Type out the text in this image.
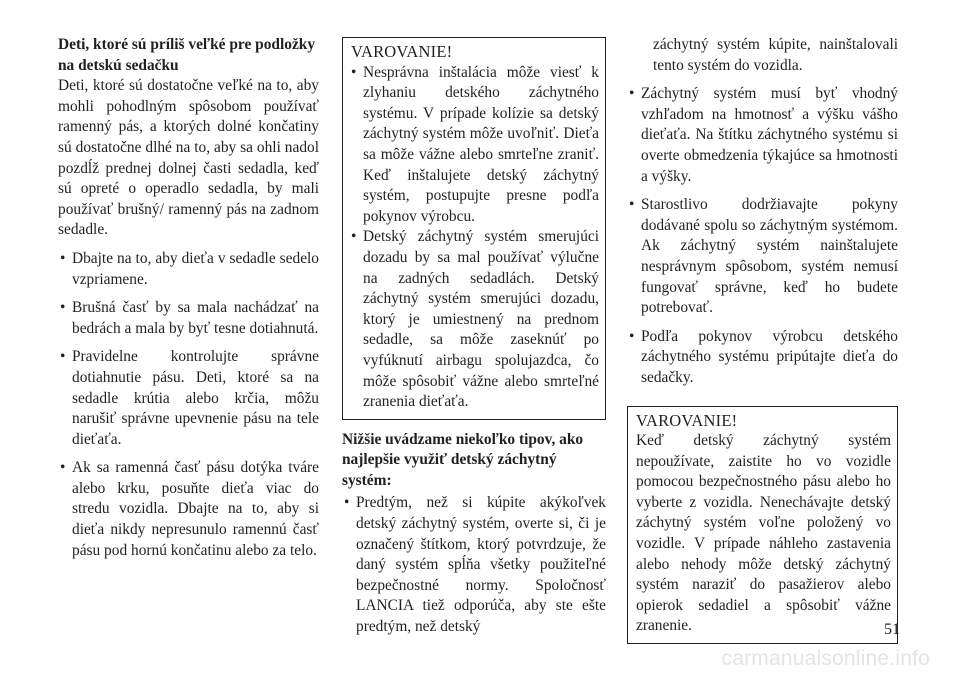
Deti, ktoré sú príliš veľké pre podložky na detskú sedačku

Deti, ktoré sú dostatočne veľké na to, aby mohli pohodlným spôsobom používať ramenný pás, a ktorých dolné končatiny sú dostatočne dlhé na to, aby sa ohli nadol pozdĺž prednej dolnej časti sedadla, keď sú opreté o operadlo sedadla, by mali používať brušný/ ramenný pás na zadnom sedadle.

• Dbajte na to, aby dieťa v sedadle sedelo vzpriamene.
• Brušná časť by sa mala nachádzať na bedrách a mala by byť tesne dotiahnutá.
• Pravidelne kontrolujte správne dotiahnutie pásu. Deti, ktoré sa na sedadle krútia alebo krčia, môžu narušiť správne upevnenie pásu na tele dieťaťa.
• Ak sa ramenná časť pásu dotýka tváre alebo krku, posuňte dieťa viac do stredu vozidla. Dbajte na to, aby si dieťa nikdy nepresunulo ramennú časť pásu pod hornú končatinu alebo za telo.
VAROVANIE!
• Nesprávna inštalácia môže viesť k zlyhaniu detského záchytného systému. V prípade kolízie sa detský záchytný systém môže uvoľniť. Dieťa sa môže vážne alebo smrteľne zraniť. Keď inštalujete detský záchytný systém, postupujte presne podľa pokynov výrobcu.
• Detský záchytný systém smerujúci dozadu by sa mal používať výlučne na zadných sedadlách. Detský záchytný systém smerujúci dozadu, ktorý je umiestnený na prednom sedadle, sa môže zaseknúť po vyfúknutí airbagu spolujazdca, čo môže spôsobiť vážne alebo smrteľné zranenia dieťaťa.

Nižšie uvádzame niekoľko tipov, ako najlepšie využiť detský záchytný systém:

• Predtým, než si kúpite akýkoľvek detský záchytný systém, overte si, či je označený štítkom, ktorý potvrdzuje, že daný systém spĺňa všetky použiteľné bezpečnostné normy. Spoločnosť LANCIA tiež odporúča, aby ste ešte predtým, než detský
záchytný systém kúpite, nainštalovali tento systém do vozidla.
• Záchytný systém musí byť vhodný vzhľadom na hmotnosť a výšku vášho dieťaťa. Na štítku záchytného systému si overte obmedzenia týkajúce sa hmotnosti a výšky.
• Starostlivo dodržiavajte pokyny dodávané spolu so záchytným systémom. Ak záchytný systém nainštalujete nesprávnym spôsobom, systém nemusí fungovať správne, keď ho budete potrebovať.
• Podľa pokynov výrobcu detského záchytného systému pripútajte dieťa do sedačky.
VAROVANIE!

Keď detský záchytný systém nepoužívate, zaistite ho vo vozidle pomocou bezpečnostného pásu alebo ho vyberte z vozidla. Nenechávajte detský záchytný systém voľne položený vo vozidle. V prípade náhleho zastavenia alebo nehody môže detský záchytný systém naraziť do pasažierov alebo opierok sedadiel a spôsobiť vážne zranenie.	51
carmanualsonline.info
